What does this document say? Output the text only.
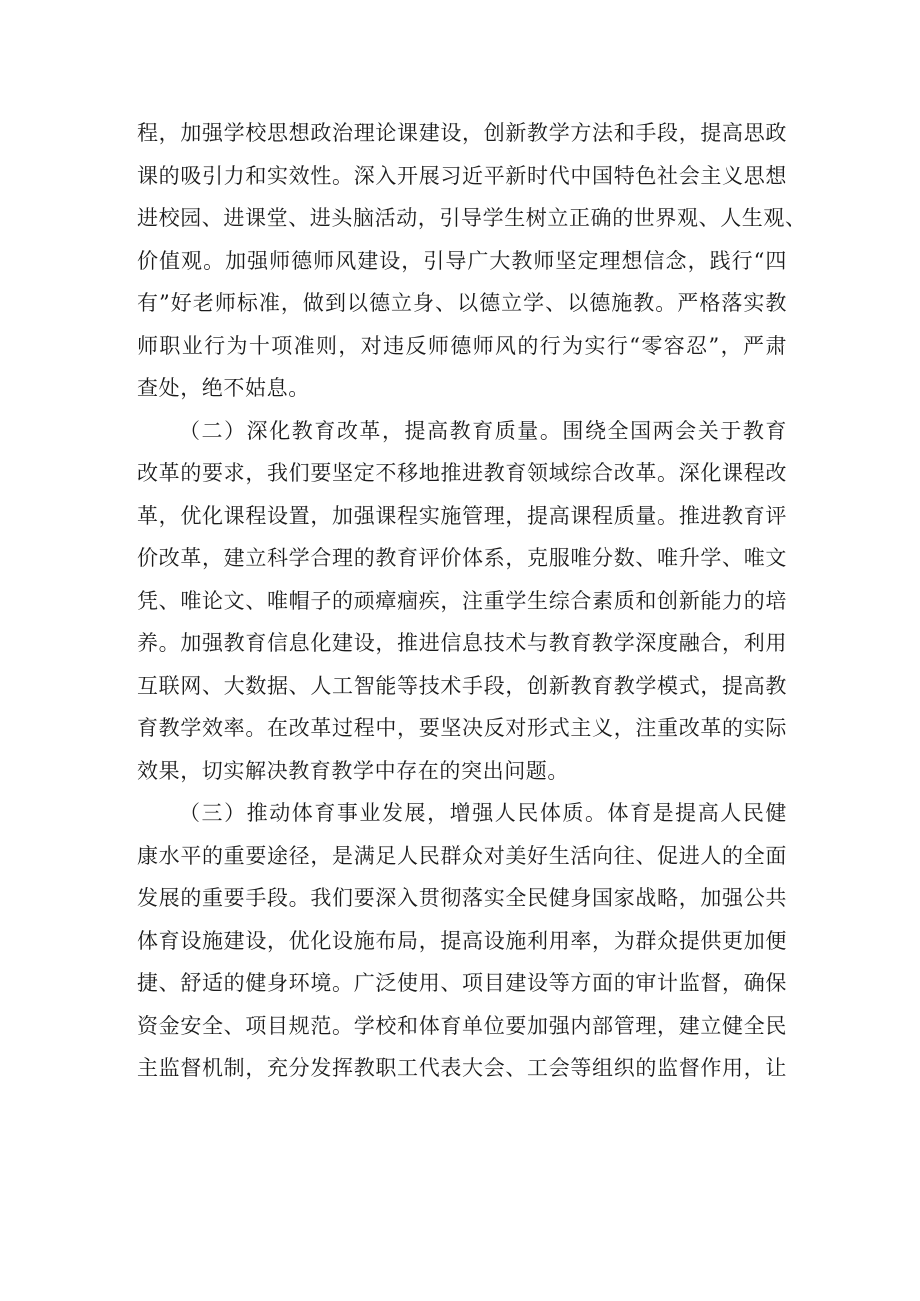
程，加强学校思想政治理论课建设，创新教学方法和手段，提高思政
课的吸引力和实效性。深入开展习近平新时代中国特色社会主义思想
进校园、进课堂、进头脑活动，引导学生树立正确的世界观、人生观、
价值观。加强师德师风建设，引导广大教师坚定理想信念，践行“四
有”好老师标准，做到以德立身、以德立学、以德施教。严格落实教
师职业行为十项准则，对违反师德师风的行为实行“零容忍”，严肃
查处，绝不姑息。
（二）深化教育改革，提高教育质量。围绕全国两会关于教育
改革的要求，我们要坚定不移地推进教育领域综合改革。深化课程改
革，优化课程设置，加强课程实施管理，提高课程质量。推进教育评
价改革，建立科学合理的教育评价体系，克服唯分数、唯升学、唯文
凭、唯论文、唯帽子的顽瘴痼疾，注重学生综合素质和创新能力的培
养。加强教育信息化建设，推进信息技术与教育教学深度融合，利用
互联网、大数据、人工智能等技术手段，创新教育教学模式，提高教
育教学效率。在改革过程中，要坚决反对形式主义，注重改革的实际
效果，切实解决教育教学中存在的突出问题。
（三）推动体育事业发展，增强人民体质。体育是提高人民健
康水平的重要途径，是满足人民群众对美好生活向往、促进人的全面
发展的重要手段。我们要深入贯彻落实全民健身国家战略，加强公共
体育设施建设，优化设施布局，提高设施利用率，为群众提供更加便
捷、舒适的健身环境。广泛使用、项目建设等方面的审计监督，确保
资金安全、项目规范。学校和体育单位要加强内部管理，建立健全民
主监督机制，充分发挥教职工代表大会、工会等组织的监督作用，让
